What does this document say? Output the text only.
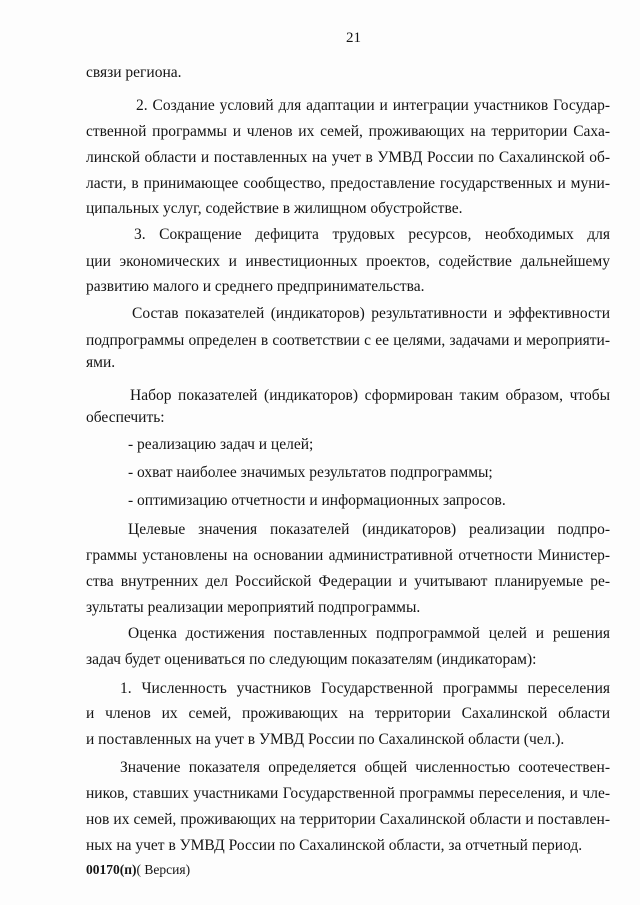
21
связи региона.
2. Создание условий для адаптации и интеграции участников Государ-
ственной программы и членов их семей, проживающих на территории Саха-
линской области и поставленных на учет в УМВД России по Сахалинской об-
ласти, в принимающее сообщество, предоставление государственных и муни-
ципальных услуг, содействие в жилищном обустройстве.
3. Сокращение дефицита трудовых ресурсов, необходимых для
ции экономических и инвестиционных проектов, содействие дальнейшему
развитию малого и среднего предпринимательства.
Состав показателей (индикаторов) результативности и эффективности
подпрограммы определен в соответствии с ее целями, задачами и мероприяти-
ями.
Набор показателей (индикаторов) сформирован таким образом, чтобы
обеспечить:
- реализацию задач и целей;
- охват наиболее значимых результатов подпрограммы;
- оптимизацию отчетности и информационных запросов.
Целевые значения показателей (индикаторов) реализации подпро-
граммы установлены на основании административной отчетности Министер-
ства внутренних дел Российской Федерации и учитывают планируемые ре-
зультаты реализации мероприятий подпрограммы.
Оценка достижения поставленных подпрограммой целей и решения
задач будет оцениваться по следующим показателям (индикаторам):
1. Численность участников Государственной программы переселения
и членов их семей, проживающих на территории Сахалинской области
и поставленных на учет в УМВД России по Сахалинской области (чел.).
Значение показателя определяется общей численностью соотечествен-
ников, ставших участниками Государственной программы переселения, и чле-
нов их семей, проживающих на территории Сахалинской области и поставлен-
ных на учет в УМВД России по Сахалинской области, за отчетный период.
00170(п)( Версия)
